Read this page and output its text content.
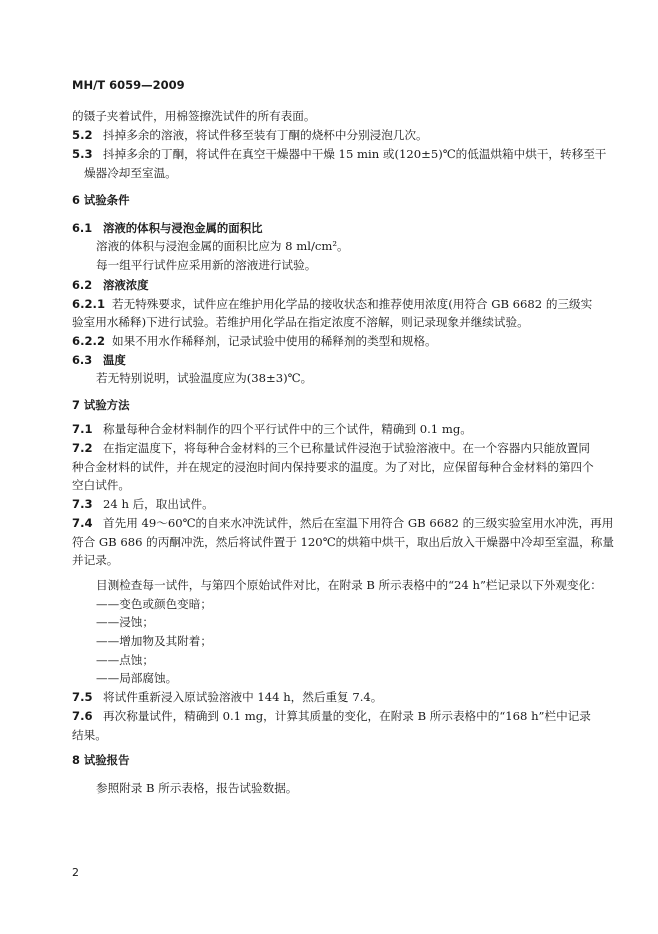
MH/T 6059—2009
的镊子夹着试件，用棉签擦洗试件的所有表面。
5.2 抖掉多余的溶液，将试件移至装有丁酮的烧杯中分别浸泡几次。
5.3 抖掉多余的丁酮，将试件在真空干燥器中干燥 15 min 或(120±5)℃的低温烘箱中烘干，转移至干
燥器冷却至室温。
6 试验条件
6.1 溶液的体积与浸泡金属的面积比
溶液的体积与浸泡金属的面积比应为 8 ml/cm²。
每一组平行试件应采用新的溶液进行试验。
6.2 溶液浓度
6.2.1 若无特殊要求，试件应在维护用化学品的接收状态和推荐使用浓度(用符合 GB 6682 的三级实
验室用水稀释)下进行试验。若维护用化学品在指定浓度不溶解，则记录现象并继续试验。
6.2.2 如果不用水作稀释剂，记录试验中使用的稀释剂的类型和规格。
6.3 温度
若无特别说明，试验温度应为(38±3)℃。
7 试验方法
7.1 称量每种合金材料制作的四个平行试件中的三个试件，精确到 0.1 mg。
7.2 在指定温度下，将每种合金材料的三个已称量试件浸泡于试验溶液中。在一个容器内只能放置同
种合金材料的试件，并在规定的浸泡时间内保持要求的温度。为了对比，应保留每种合金材料的第四个
空白试件。
7.3 24 h 后，取出试件。
7.4 首先用 49～60℃的自来水冲洗试件，然后在室温下用符合 GB 6682 的三级实验室用水冲洗，再用
符合 GB 686 的丙酮冲洗，然后将试件置于 120℃的烘箱中烘干，取出后放入干燥器中冷却至室温，称量
并记录。
目测检查每一试件，与第四个原始试件对比，在附录 B 所示表格中的“24 h”栏记录以下外观变化：
——变色或颜色变暗；
——浸蚀；
——增加物及其附着；
——点蚀；
——局部腐蚀。
7.5 将试件重新浸入原试验溶液中 144 h，然后重复 7.4。
7.6 再次称量试件，精确到 0.1 mg，计算其质量的变化，在附录 B 所示表格中的“168 h”栏中记录
结果。
8 试验报告
参照附录 B 所示表格，报告试验数据。
2
